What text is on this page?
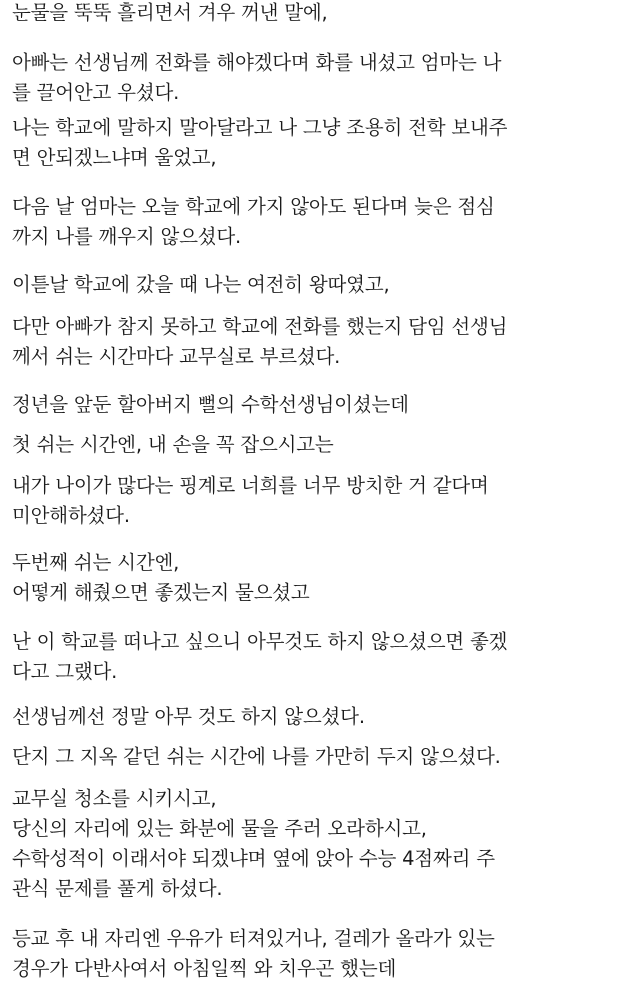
눈물을 뚝뚝 흘리면서 겨우 꺼낸 말에,
아빠는 선생님께 전화를 해야겠다며 화를 내셨고 엄마는 나
를 끌어안고 우셨다.
나는 학교에 말하지 말아달라고 나 그냥 조용히 전학 보내주
면 안되겠느냐며 울었고,
다음 날 엄마는 오늘 학교에 가지 않아도 된다며 늦은 점심
까지 나를 깨우지 않으셨다.
이튿날 학교에 갔을 때 나는 여전히 왕따였고,
다만 아빠가 참지 못하고 학교에 전화를 했는지 담임 선생님
께서 쉬는 시간마다 교무실로 부르셨다.
정년을 앞둔 할아버지 뻘의 수학선생님이셨는데
첫 쉬는 시간엔, 내 손을 꼭 잡으시고는
내가 나이가 많다는 핑계로 너희를 너무 방치한 거 같다며
미안해하셨다.
두번째 쉬는 시간엔,
어떻게 해줬으면 좋겠는지 물으셨고
난 이 학교를 떠나고 싶으니 아무것도 하지 않으셨으면 좋겠
다고 그랬다.
선생님께선 정말 아무 것도 하지 않으셨다.
단지 그 지옥 같던 쉬는 시간에 나를 가만히 두지 않으셨다.
교무실 청소를 시키시고,
당신의 자리에 있는 화분에 물을 주러 오라하시고,
수학성적이 이래서야 되겠냐며 옆에 앉아 수능 4점짜리 주
관식 문제를 풀게 하셨다.
등교 후 내 자리엔 우유가 터져있거나, 걸레가 올라가 있는
경우가 다반사여서 아침일찍 와 치우곤 했는데
